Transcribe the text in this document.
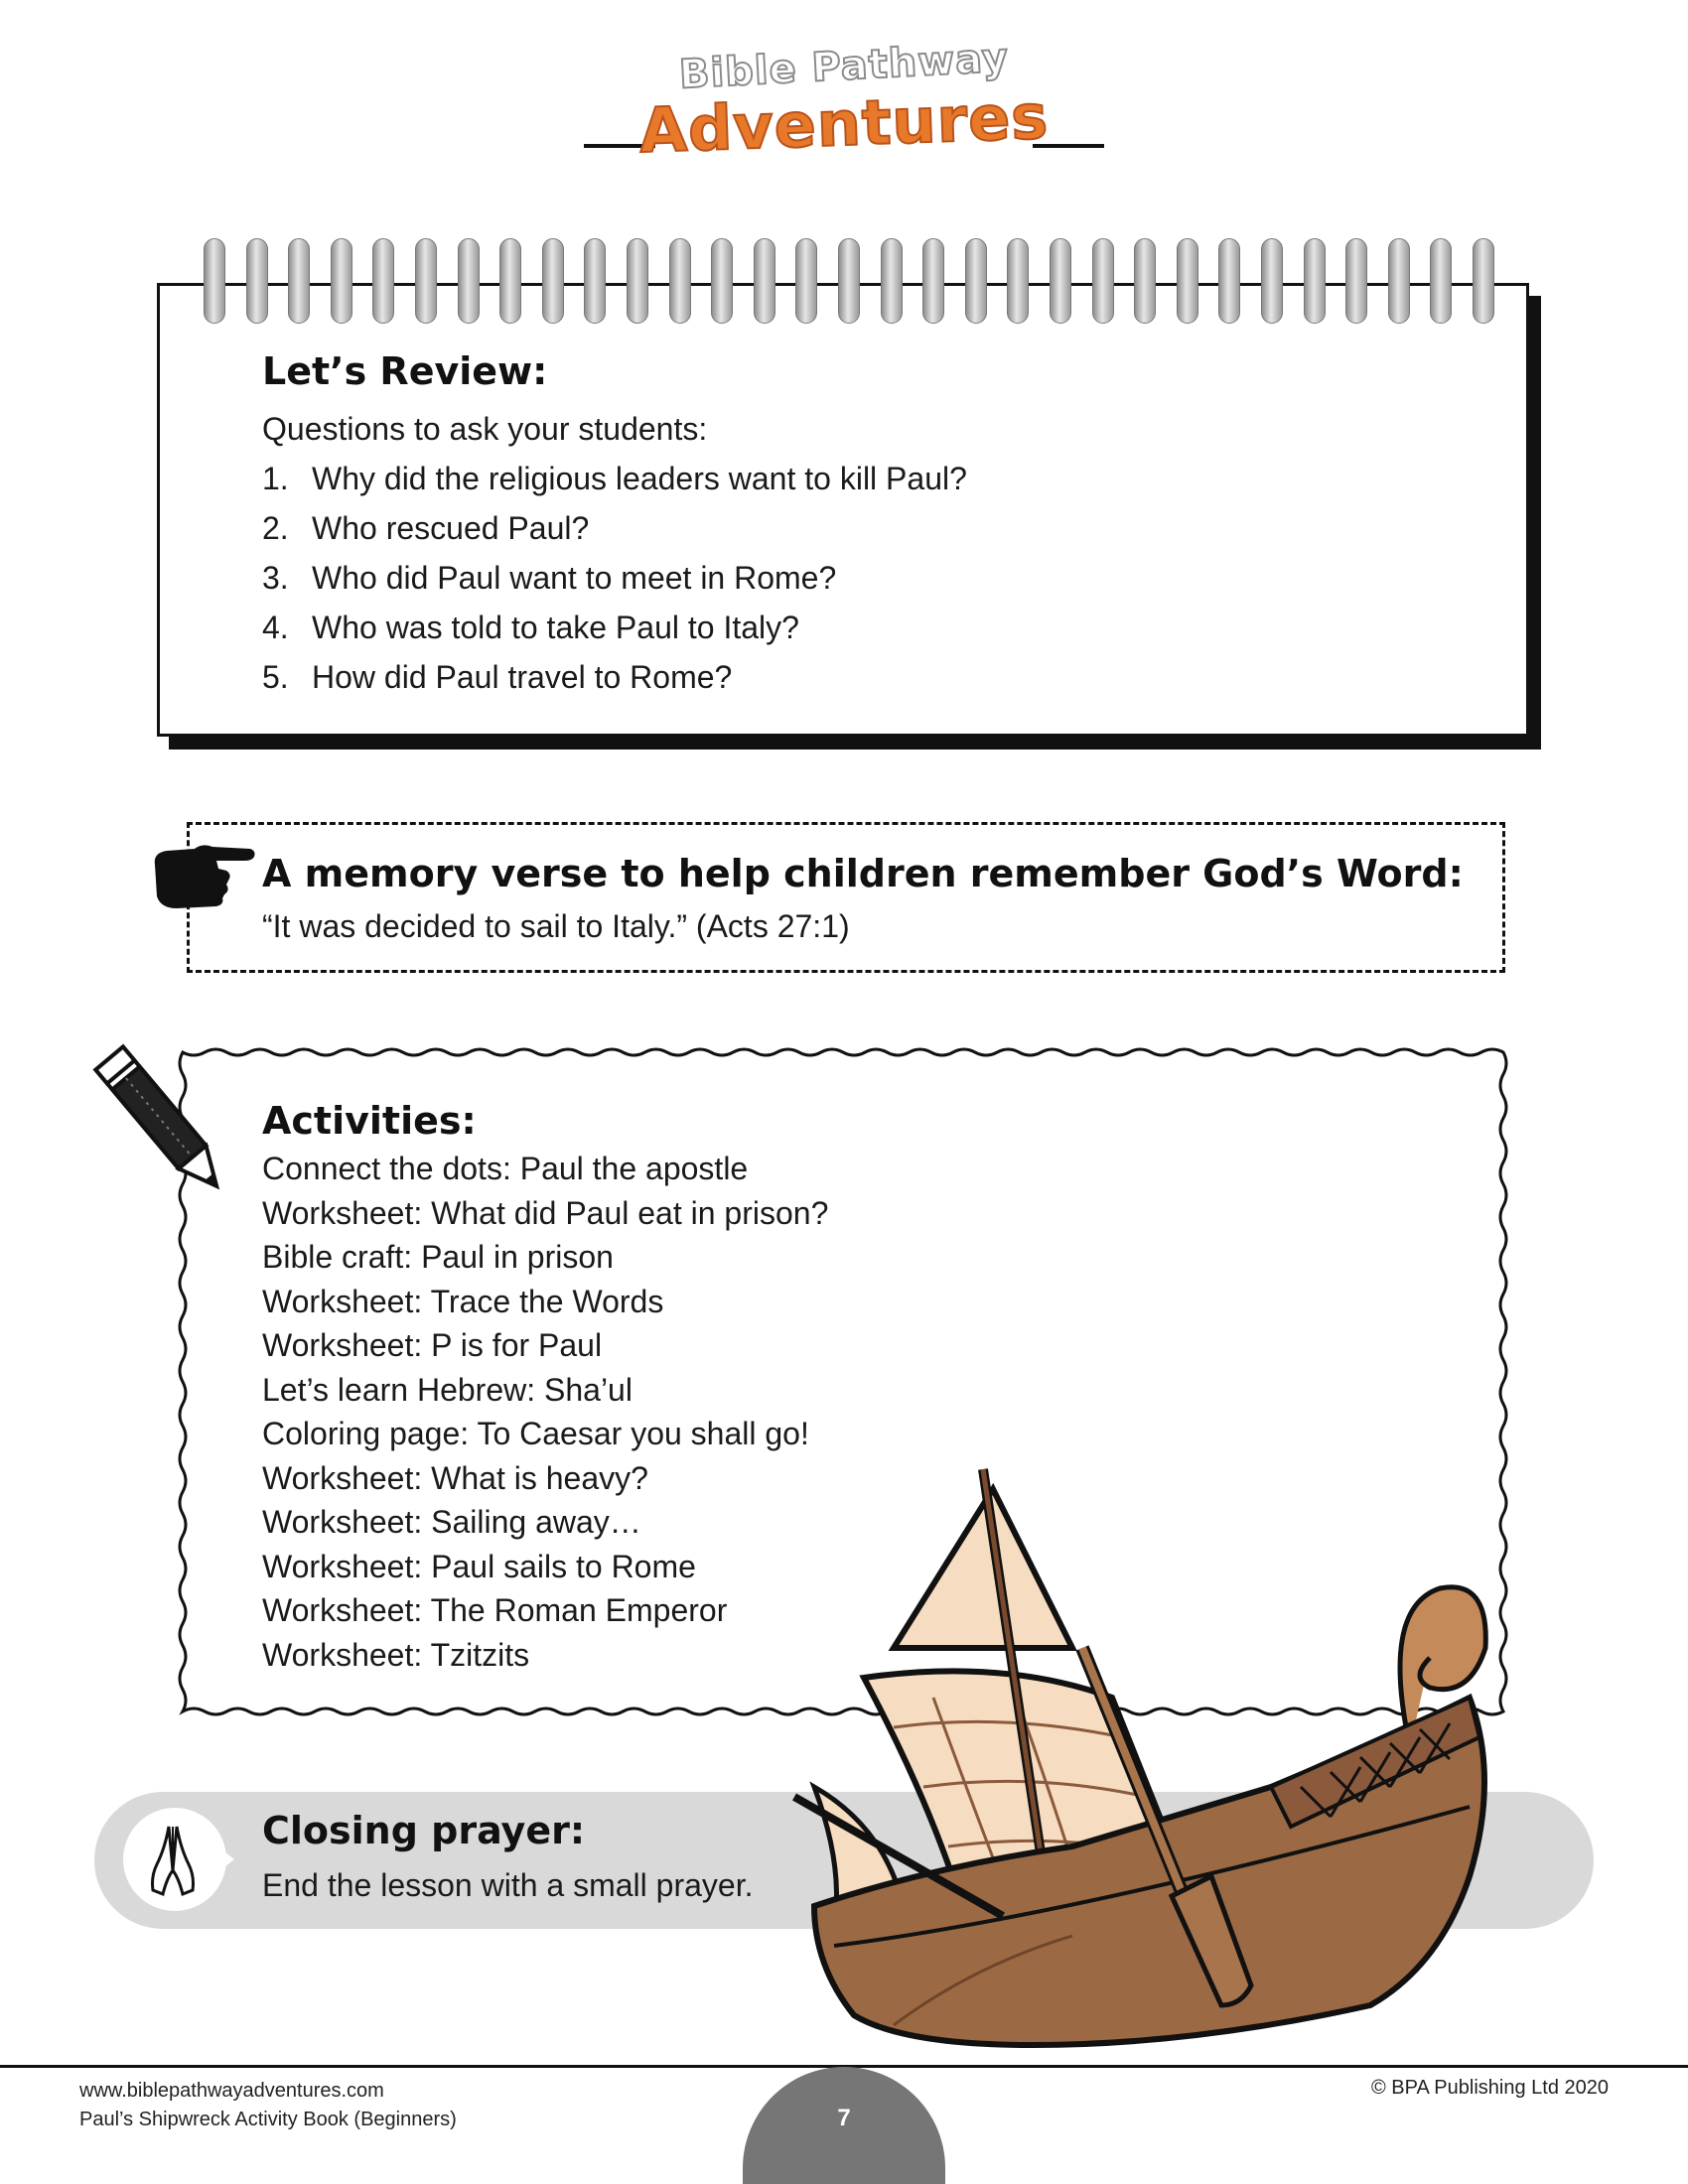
Bible Pathway
Adventures
Let’s Review:

Questions to ask your students:

1. Why did the religious leaders want to kill Paul?
2. Who rescued Paul?
3. Who did Paul want to meet in Rome?
4. Who was told to take Paul to Italy?
5. How did Paul travel to Rome?
A memory verse to help children remember God’s Word:

“It was decided to sail to Italy.” (Acts 27:1)

Activities:
Connect the dots: Paul the apostle
Worksheet: What did Paul eat in prison?
Bible craft: Paul in prison
Worksheet: Trace the Words
Worksheet: P is for Paul
Let’s learn Hebrew: Sha’ul
Coloring page: To Caesar you shall go!
Worksheet: What is heavy?
Worksheet: Sailing away…
Worksheet: Paul sails to Rome
Worksheet: The Roman Emperor
Worksheet: Tzitzits
Closing prayer:

End the lesson with a small prayer.

www.biblepathwayadventures.com
Paul’s Shipwreck Activity Book (Beginners)
© BPA Publishing Ltd 2020
7
